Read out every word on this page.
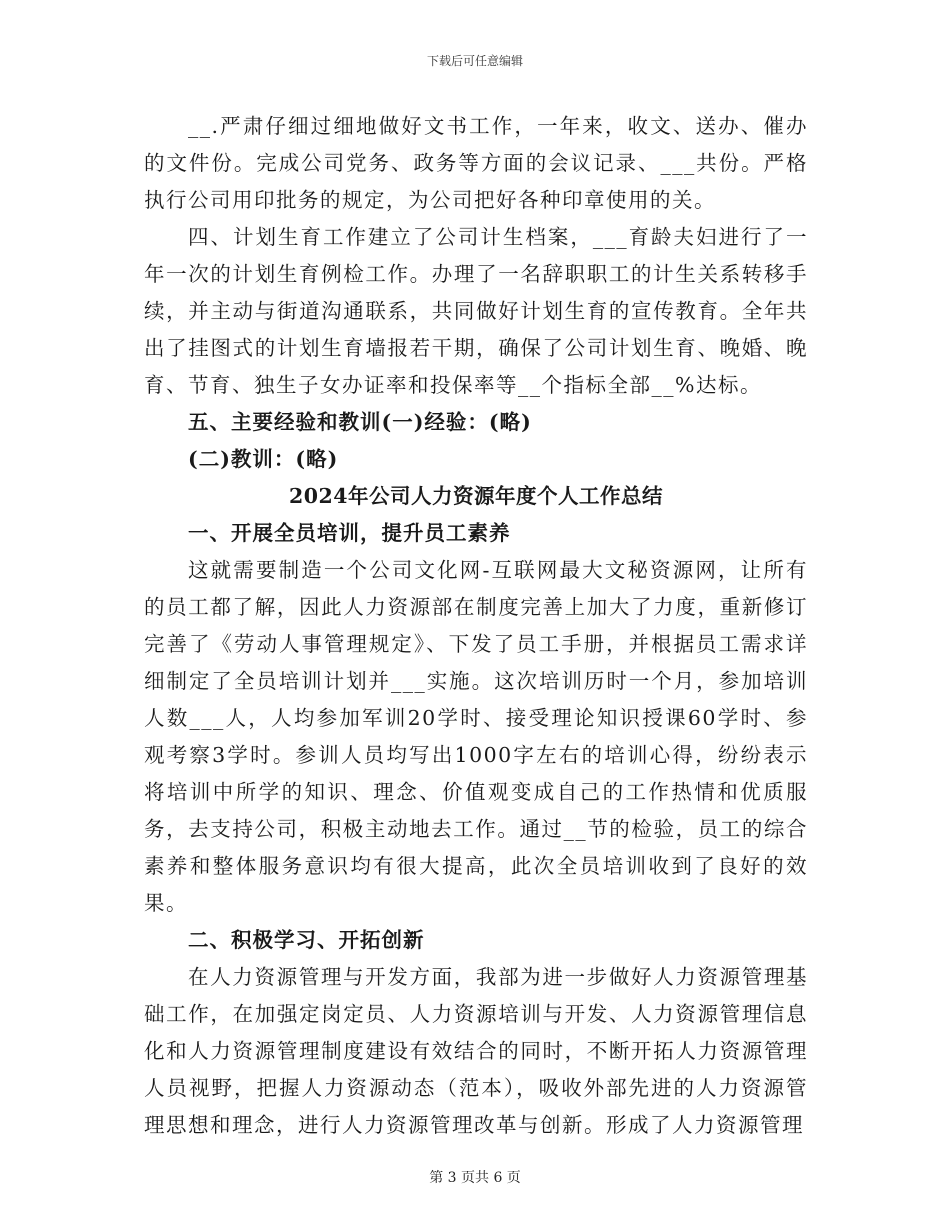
下载后可任意编辑

__.严肃仔细过细地做好文书工作，一年来，收文、送办、催办的文件份。完成公司党务、政务等方面的会议记录、___共份。严格执行公司用印批务的规定，为公司把好各种印章使用的关。

四、计划生育工作建立了公司计生档案，___育龄夫妇进行了一年一次的计划生育例检工作。办理了一名辞职职工的计生关系转移手续，并主动与街道沟通联系，共同做好计划生育的宣传教育。全年共出了挂图式的计划生育墙报若干期，确保了公司计划生育、晚婚、晚育、节育、独生子女办证率和投保率等__个指标全部__%达标。

五、主要经验和教训(一)经验：(略)

(二)教训：(略)

2024年公司人力资源年度个人工作总结

一、开展全员培训，提升员工素养

这就需要制造一个公司文化网-互联网最大文秘资源网，让所有的员工都了解，因此人力资源部在制度完善上加大了力度，重新修订完善了《劳动人事管理规定》、下发了员工手册，并根据员工需求详细制定了全员培训计划并___实施。这次培训历时一个月，参加培训人数___人，人均参加军训20学时、接受理论知识授课60学时、参观考察3学时。参训人员均写出1000字左右的培训心得，纷纷表示将培训中所学的知识、理念、价值观变成自己的工作热情和优质服务，去支持公司，积极主动地去工作。通过__节的检验，员工的综合素养和整体服务意识均有很大提高，此次全员培训收到了良好的效果。

二、积极学习、开拓创新

在人力资源管理与开发方面，我部为进一步做好人力资源管理基础工作，在加强定岗定员、人力资源培训与开发、人力资源管理信息化和人力资源管理制度建设有效结合的同时，不断开拓人力资源管理人员视野，把握人力资源动态（范本），吸收外部先进的人力资源管理思想和理念，进行人力资源管理改革与创新。形成了人力资源管理

第 3 页共 6 页
